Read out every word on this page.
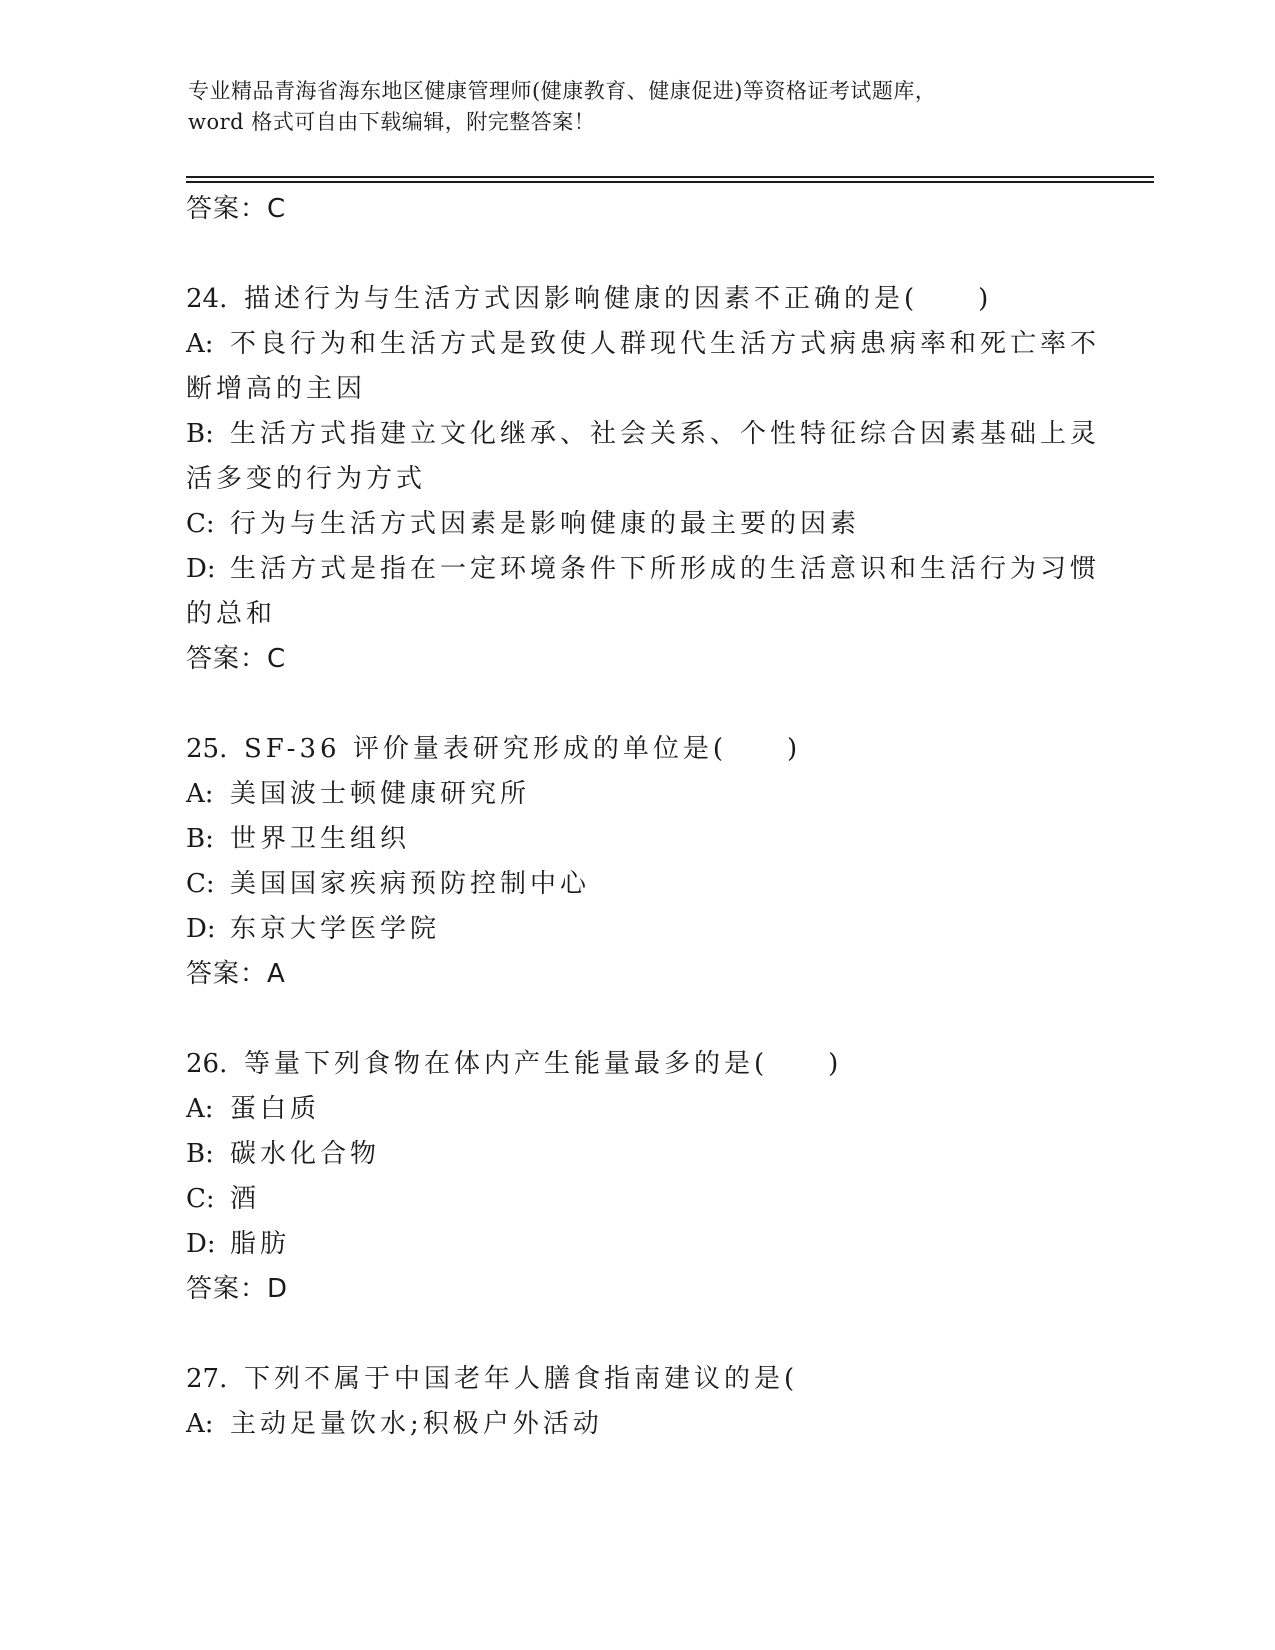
专业精品青海省海东地区健康管理师(健康教育、健康促进)等资格证考试题库，
word 格式可自由下载编辑，附完整答案！
答案：C
24. 描述行为与生活方式因影响健康的因素不正确的是(　　)
A: 不良行为和生活方式是致使人群现代生活方式病患病率和死亡率不
断增高的主因
B: 生活方式指建立文化继承、社会关系、个性特征综合因素基础上灵
活多变的行为方式
C: 行为与生活方式因素是影响健康的最主要的因素
D: 生活方式是指在一定环境条件下所形成的生活意识和生活行为习惯
的总和
答案：C
25. SF-36 评价量表研究形成的单位是(　　)
A: 美国波士顿健康研究所
B: 世界卫生组织
C: 美国国家疾病预防控制中心
D: 东京大学医学院
答案：A
26. 等量下列食物在体内产生能量最多的是(　　)
A: 蛋白质
B: 碳水化合物
C: 酒
D: 脂肪
答案：D
27. 下列不属于中国老年人膳食指南建议的是(
A: 主动足量饮水;积极户外活动
